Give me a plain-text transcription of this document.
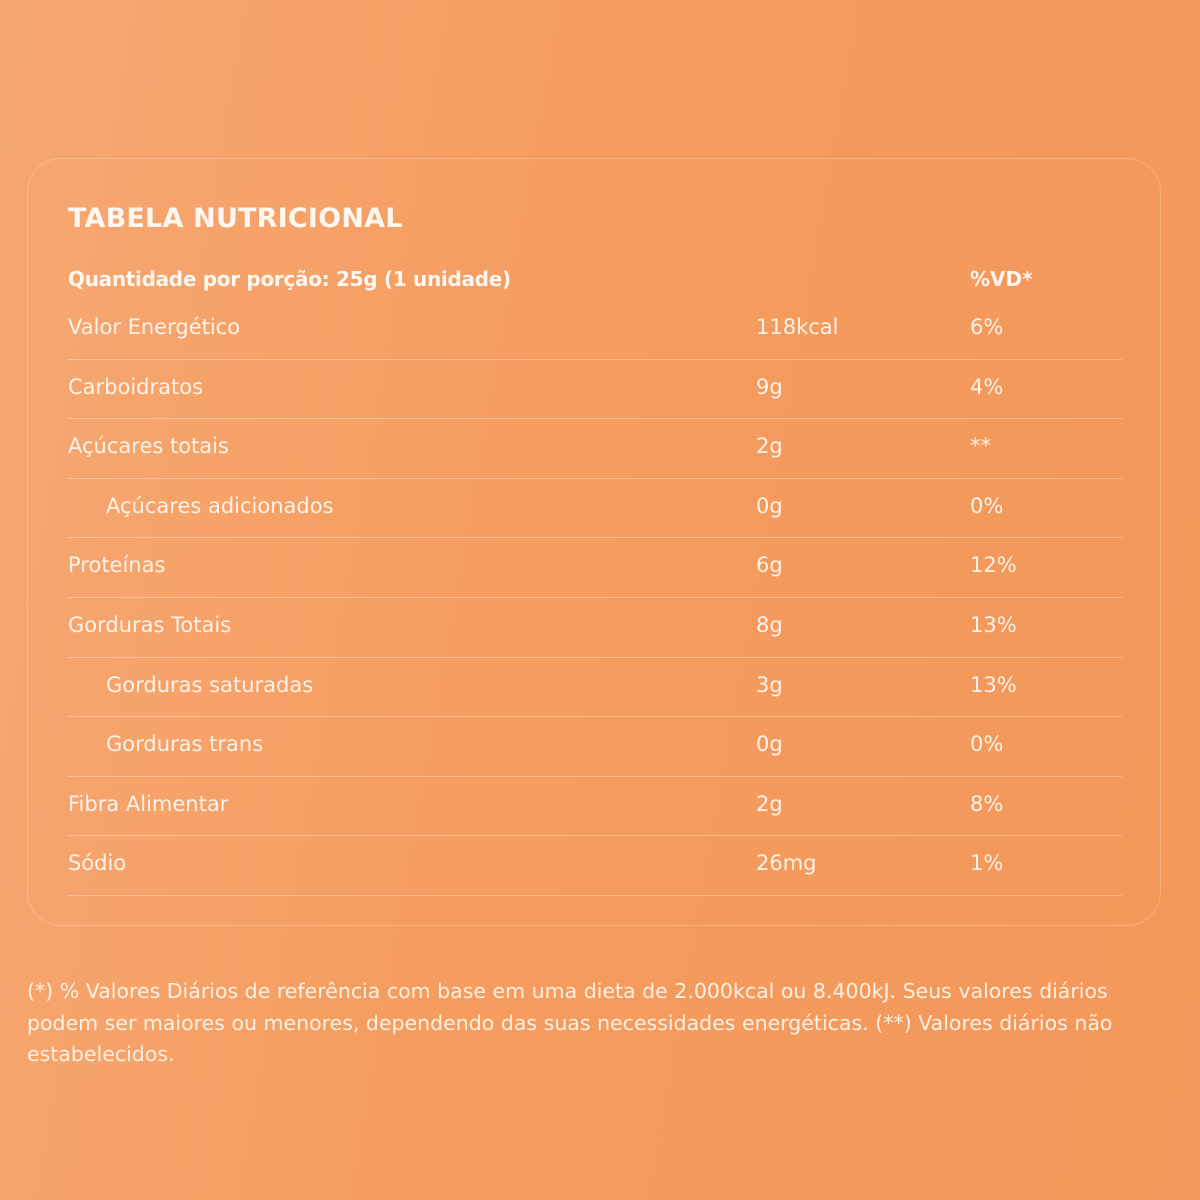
TABELA NUTRICIONAL
Quantidade por porção: 25g (1 unidade)	%VD*
Valor Energético	118kcal	6%
Carboidratos	9g	4%
Açúcares totais	2g	**
Açúcares adicionados	0g	0%
Proteínas	6g	12%
Gorduras Totais	8g	13%
Gorduras saturadas	3g	13%
Gorduras trans	0g	0%
Fibra Alimentar	2g	8%
Sódio	26mg	1%

(*) % Valores Diários de referência com base em uma dieta de 2.000kcal ou 8.400kJ. Seus valores diários podem ser maiores ou menores, dependendo das suas necessidades energéticas. (**) Valores diários não estabelecidos.
